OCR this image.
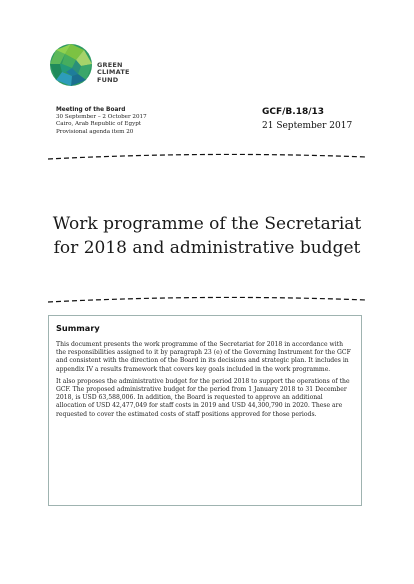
GREEN
CLIMATE
FUND
Meeting of the Board
30 September – 2 October 2017
Cairo, Arab Republic of Egypt
Provisional agenda item 20
GCF/B.18/13
21 September 2017
Work programme of the Secretariat
for 2018 and administrative budget
Summary

This document presents the work programme of the Secretariat for 2018 in accordance with the responsibilities assigned to it by paragraph 23 (e) of the Governing Instrument for the GCF and consistent with the direction of the Board in its decisions and strategic plan. It includes in appendix IV a results framework that covers key goals included in the work programme.

It also proposes the administrative budget for the period 2018 to support the operations of the GCF. The proposed administrative budget for the period from 1 January 2018 to 31 December 2018, is USD 63,588,006. In addition, the Board is requested to approve an additional allocation of USD 42,477,049 for staff costs in 2019 and USD 44,300,790 in 2020. These are requested to cover the estimated costs of staff positions approved for those periods.
